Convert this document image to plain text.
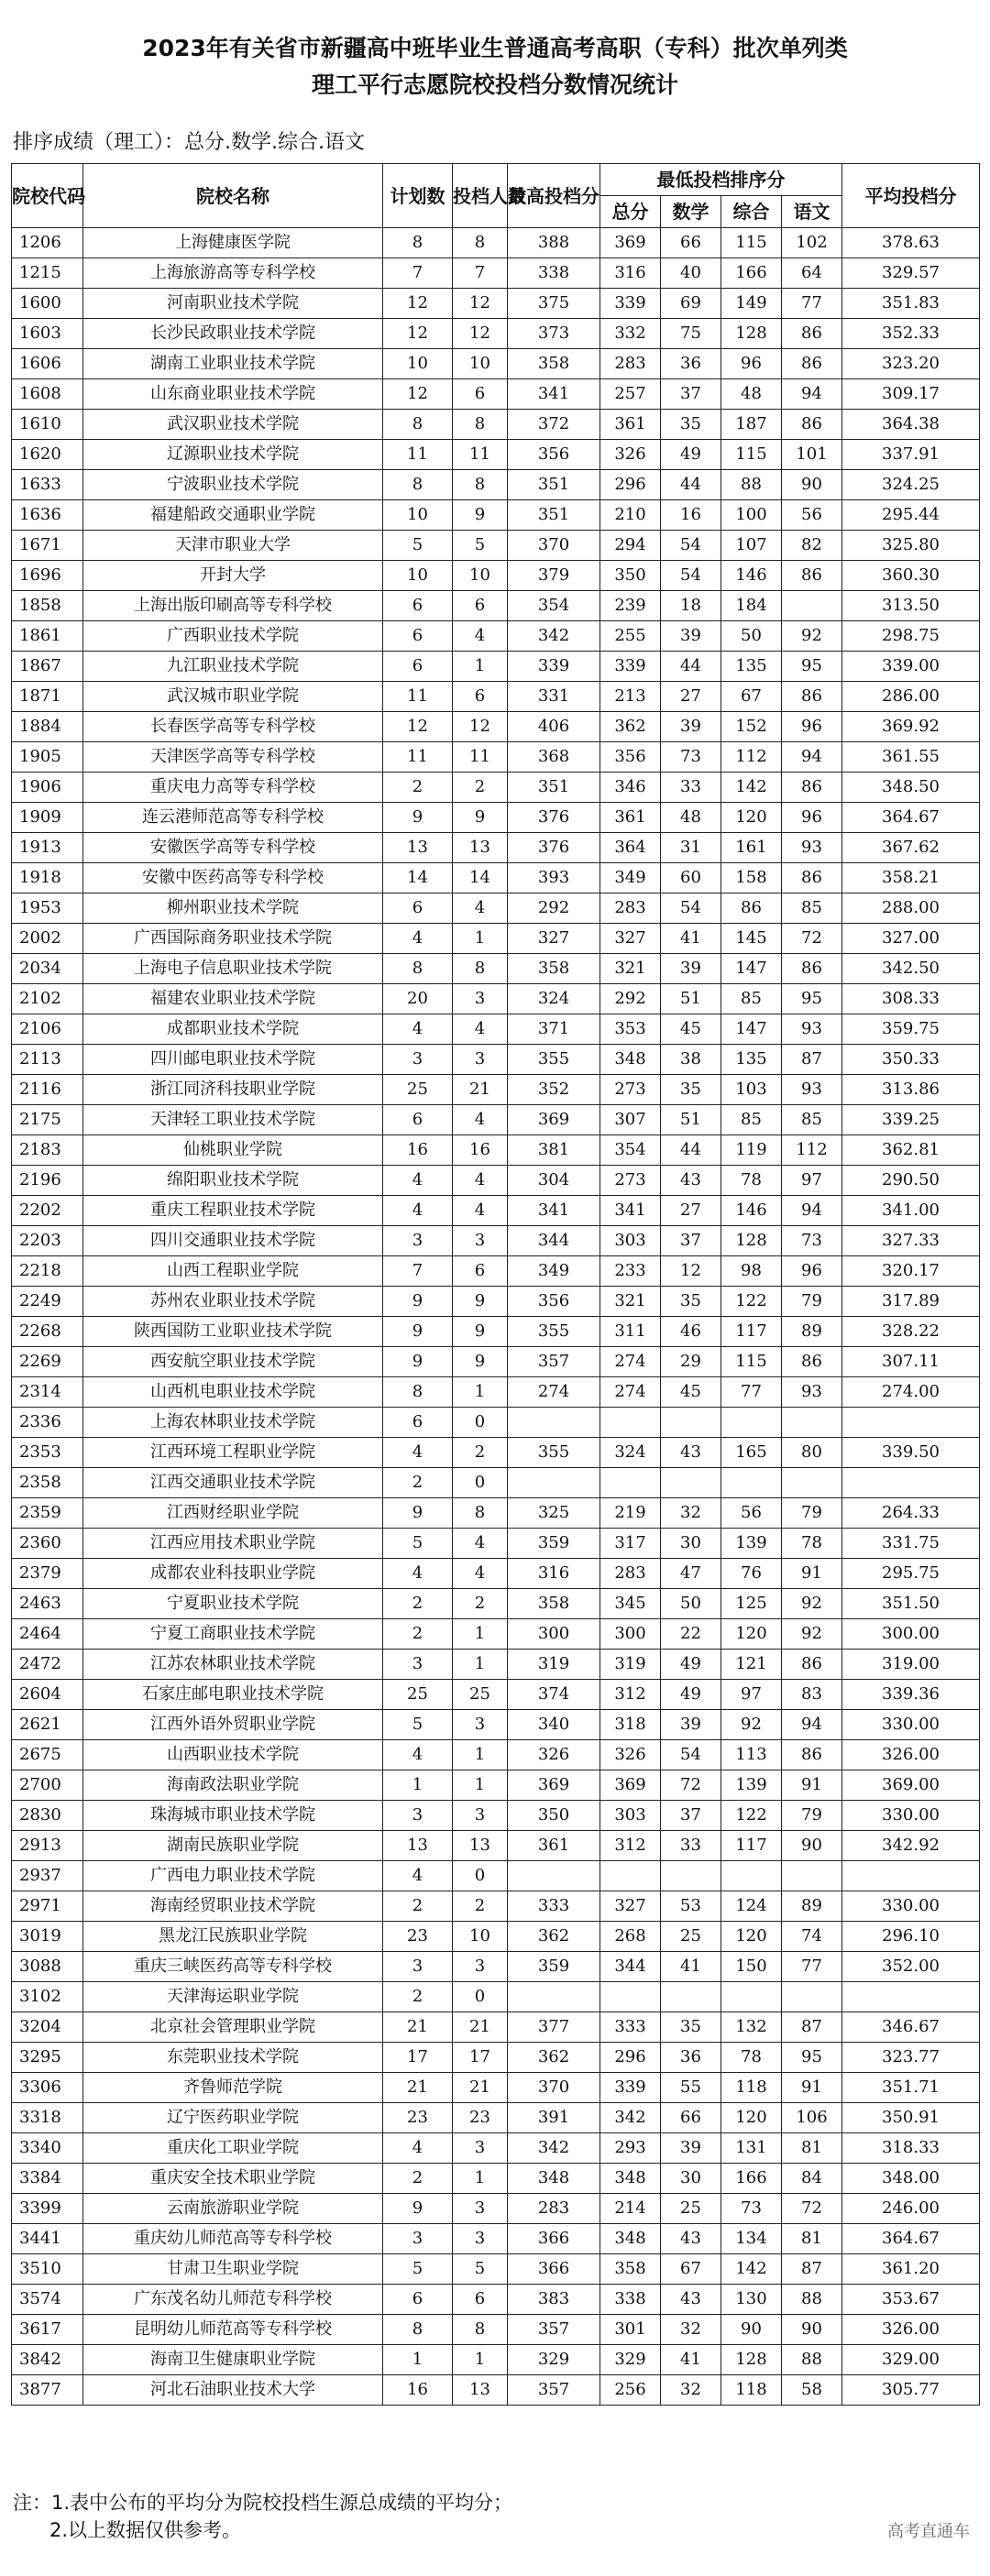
2023年有关省市新疆高中班毕业生普通高考高职（专科）批次单列类
理工平行志愿院校投档分数情况统计
排序成绩（理工）：总分.数学.综合.语文
院校代码	院校名称	计划数	投档人数	最高投档分	最低投档排序分				平均投档分
					总分	数学	综合	语文	
1206	上海健康医学院	8	8	388	369	66	115	102	378.63
1215	上海旅游高等专科学校	7	7	338	316	40	166	64	329.57
1600	河南职业技术学院	12	12	375	339	69	149	77	351.83
1603	长沙民政职业技术学院	12	12	373	332	75	128	86	352.33
1606	湖南工业职业技术学院	10	10	358	283	36	96	86	323.20
1608	山东商业职业技术学院	12	6	341	257	37	48	94	309.17
1610	武汉职业技术学院	8	8	372	361	35	187	86	364.38
1620	辽源职业技术学院	11	11	356	326	49	115	101	337.91
1633	宁波职业技术学院	8	8	351	296	44	88	90	324.25
1636	福建船政交通职业学院	10	9	351	210	16	100	56	295.44
1671	天津市职业大学	5	5	370	294	54	107	82	325.80
1696	开封大学	10	10	379	350	54	146	86	360.30
1858	上海出版印刷高等专科学校	6	6	354	239	18	184		313.50
1861	广西职业技术学院	6	4	342	255	39	50	92	298.75
1867	九江职业技术学院	6	1	339	339	44	135	95	339.00
1871	武汉城市职业学院	11	6	331	213	27	67	86	286.00
1884	长春医学高等专科学校	12	12	406	362	39	152	96	369.92
1905	天津医学高等专科学校	11	11	368	356	73	112	94	361.55
1906	重庆电力高等专科学校	2	2	351	346	33	142	86	348.50
1909	连云港师范高等专科学校	9	9	376	361	48	120	96	364.67
1913	安徽医学高等专科学校	13	13	376	364	31	161	93	367.62
1918	安徽中医药高等专科学校	14	14	393	349	60	158	86	358.21
1953	柳州职业技术学院	6	4	292	283	54	86	85	288.00
2002	广西国际商务职业技术学院	4	1	327	327	41	145	72	327.00
2034	上海电子信息职业技术学院	8	8	358	321	39	147	86	342.50
2102	福建农业职业技术学院	20	3	324	292	51	85	95	308.33
2106	成都职业技术学院	4	4	371	353	45	147	93	359.75
2113	四川邮电职业技术学院	3	3	355	348	38	135	87	350.33
2116	浙江同济科技职业学院	25	21	352	273	35	103	93	313.86
2175	天津轻工职业技术学院	6	4	369	307	51	85	85	339.25
2183	仙桃职业学院	16	16	381	354	44	119	112	362.81
2196	绵阳职业技术学院	4	4	304	273	43	78	97	290.50
2202	重庆工程职业技术学院	4	4	341	341	27	146	94	341.00
2203	四川交通职业技术学院	3	3	344	303	37	128	73	327.33
2218	山西工程职业学院	7	6	349	233	12	98	96	320.17
2249	苏州农业职业技术学院	9	9	356	321	35	122	79	317.89
2268	陕西国防工业职业技术学院	9	9	355	311	46	117	89	328.22
2269	西安航空职业技术学院	9	9	357	274	29	115	86	307.11
2314	山西机电职业技术学院	8	1	274	274	45	77	93	274.00
2336	上海农林职业技术学院	6	0						
2353	江西环境工程职业学院	4	2	355	324	43	165	80	339.50
2358	江西交通职业技术学院	2	0						
2359	江西财经职业学院	9	8	325	219	32	56	79	264.33
2360	江西应用技术职业学院	5	4	359	317	30	139	78	331.75
2379	成都农业科技职业学院	4	4	316	283	47	76	91	295.75
2463	宁夏职业技术学院	2	2	358	345	50	125	92	351.50
2464	宁夏工商职业技术学院	2	1	300	300	22	120	92	300.00
2472	江苏农林职业技术学院	3	1	319	319	49	121	86	319.00
2604	石家庄邮电职业技术学院	25	25	374	312	49	97	83	339.36
2621	江西外语外贸职业学院	5	3	340	318	39	92	94	330.00
2675	山西职业技术学院	4	1	326	326	54	113	86	326.00
2700	海南政法职业学院	1	1	369	369	72	139	91	369.00
2830	珠海城市职业技术学院	3	3	350	303	37	122	79	330.00
2913	湖南民族职业学院	13	13	361	312	33	117	90	342.92
2937	广西电力职业技术学院	4	0						
2971	海南经贸职业技术学院	2	2	333	327	53	124	89	330.00
3019	黑龙江民族职业学院	23	10	362	268	25	120	74	296.10
3088	重庆三峡医药高等专科学校	3	3	359	344	41	150	77	352.00
3102	天津海运职业学院	2	0						
3204	北京社会管理职业学院	21	21	377	333	35	132	87	346.67
3295	东莞职业技术学院	17	17	362	296	36	78	95	323.77
3306	齐鲁师范学院	21	21	370	339	55	118	91	351.71
3318	辽宁医药职业学院	23	23	391	342	66	120	106	350.91
3340	重庆化工职业学院	4	3	342	293	39	131	81	318.33
3384	重庆安全技术职业学院	2	1	348	348	30	166	84	348.00
3399	云南旅游职业学院	9	3	283	214	25	73	72	246.00
3441	重庆幼儿师范高等专科学校	3	3	366	348	43	134	81	364.67
3510	甘肃卫生职业学院	5	5	366	358	67	142	87	361.20
3574	广东茂名幼儿师范专科学校	6	6	383	338	43	130	88	353.67
3617	昆明幼儿师范高等专科学校	8	8	357	301	32	90	90	326.00
3842	海南卫生健康职业学院	1	1	329	329	41	128	88	329.00
3877	河北石油职业技术大学	16	13	357	256	32	118	58	305.77
注：1.表中公布的平均分为院校投档生源总成绩的平均分；
2.以上数据仅供参考。	高考直通车
